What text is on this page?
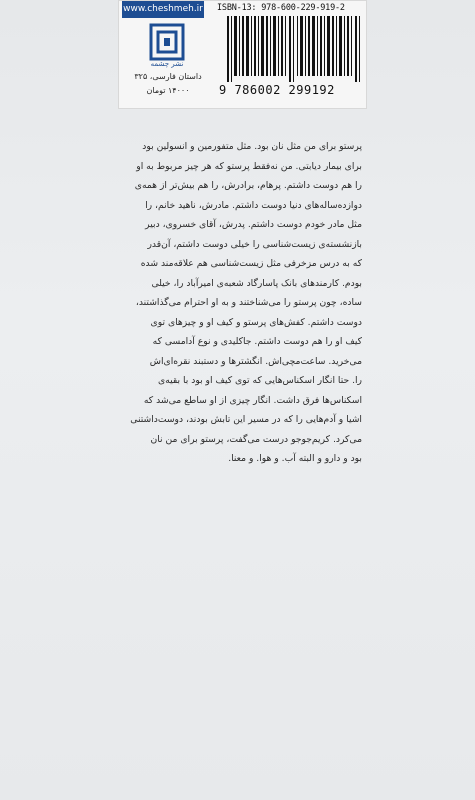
www.cheshmeh.ir
نشر چشمه
داستان فارسی، ۳۲۵
۱۴۰۰۰ تومان
ISBN-13: 978-600-229-919-2
9 786002 299192
پرستو برای من مثل نان بود. مثل متفورمین و انسولین بود
برای بیمار دیابتی. من نه‌فقط پرستو که هر چیز مربوط به او
را هم دوست داشتم. پرهام، برادرش، را هم بیش‌تر از همه‌ی
دوازده‌ساله‌های دنیا دوست داشتم. مادرش، ناهید خانم، را
مثل مادر خودم دوست داشتم. پدرش، آقای خسروی، دبیر
بازنشسته‌ی زیست‌شناسی را خیلی دوست داشتم، آن‌قدر
که به درس مزخرفی مثل زیست‌شناسی هم علاقه‌مند شده
بودم. کارمندهای بانک پاسارگاد شعبه‌ی امیرآباد را، خیلی
ساده، چون پرستو را می‌شناختند و به او احترام می‌گذاشتند،
دوست داشتم. کفش‌های پرستو و کیف او و چیزهای توی
کیف او را هم دوست داشتم. جاکلیدی و نوع آدامسی که
می‌خرید. ساعت‌مچی‌اش. انگشترها و دستبند نقره‌ای‌اش
را. حتا انگار اسکناس‌هایی که توی کیف او بود با بقیه‌ی
اسکناس‌ها فرق داشت. انگار چیزی از او ساطع می‌شد که
اشیا و آدم‌هایی را که در مسیر این تابش بودند، دوست‌داشتنی
می‌کرد. کریم‌جوجو درست می‌گفت، پرستو برای من نان
بود و دارو و البته آب. و هوا. و معنا.
